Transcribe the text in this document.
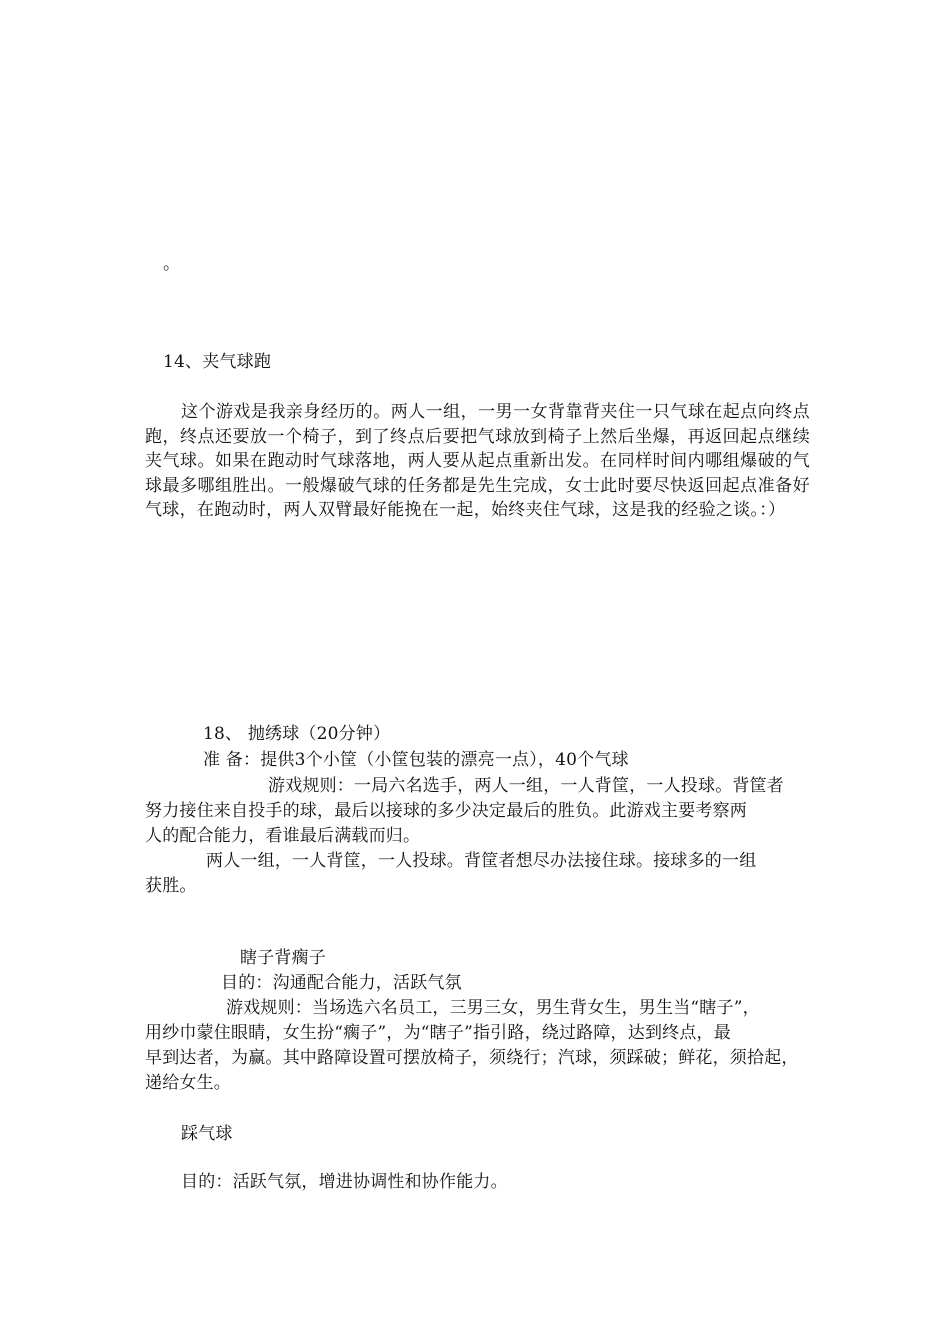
。
14、夹气球跑
这个游戏是我亲身经历的。两人一组，一男一女背靠背夹住一只气球在起点向终点跑，终点还要放一个椅子，到了终点后要把气球放到椅子上然后坐爆，再返回起点继续夹气球。如果在跑动时气球落地，两人要从起点重新出发。在同样时间内哪组爆破的气球最多哪组胜出。一般爆破气球的任务都是先生完成，女士此时要尽快返回起点准备好气球，在跑动时，两人双臂最好能挽在一起，始终夹住气球，这是我的经验之谈。：）
18、 抛绣球（20分钟）
准 备：提供3个小筐（小筐包装的漂亮一点），40个气球
游戏规则：一局六名选手，两人一组，一人背筐，一人投球。背筐者
努力接住来自投手的球，最后以接球的多少决定最后的胜负。此游戏主要考察两
人的配合能力，看谁最后满载而归。
两人一组，一人背筐，一人投球。背筐者想尽办法接住球。接球多的一组
获胜。
瞎子背瘸子
目的：沟通配合能力，活跃气氛
游戏规则：当场选六名员工，三男三女，男生背女生，男生当“瞎子”，
用纱巾蒙住眼睛，女生扮“瘸子”，为“瞎子”指引路，绕过路障，达到终点，最
早到达者，为赢。其中路障设置可摆放椅子，须绕行；汽球，须踩破；鲜花，须拾起，
递给女生。
踩气球
目的：活跃气氛，增进协调性和协作能力。
